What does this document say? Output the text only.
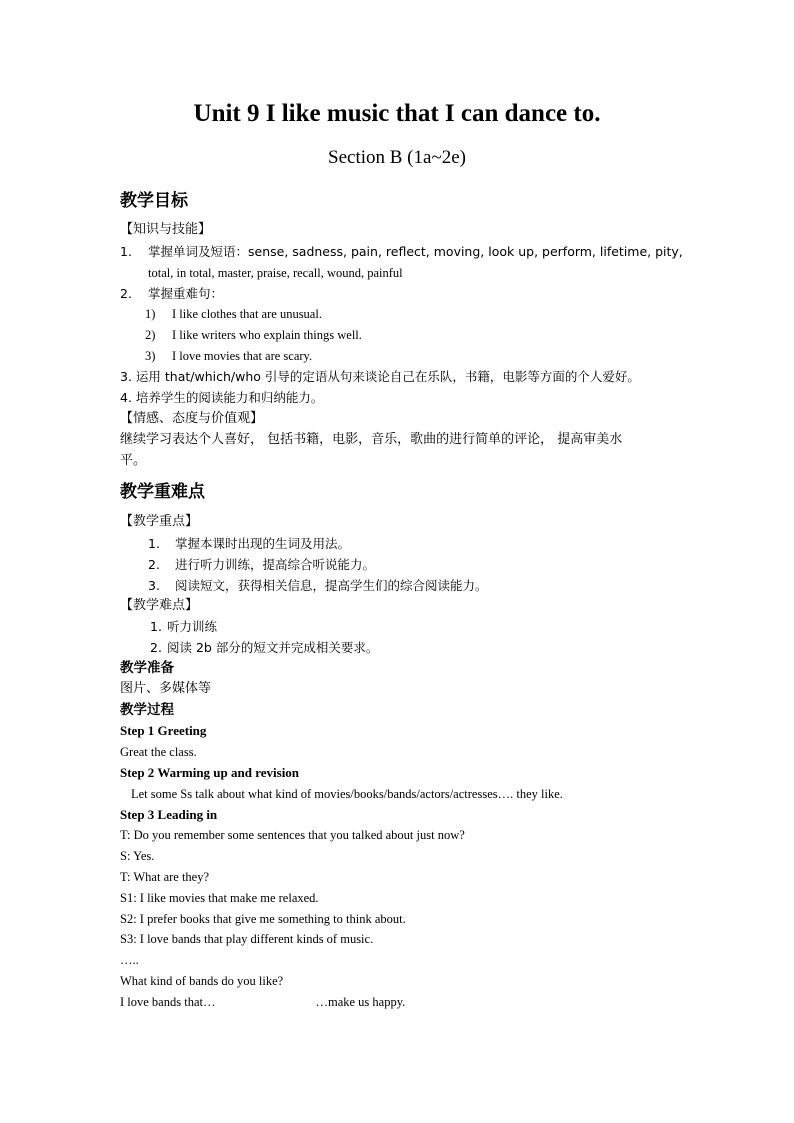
Unit 9 I like music that I can dance to.
Section B (1a~2e)
教学目标
【知识与技能】
1. 掌握单词及短语：sense, sadness, pain, reflect, moving, look up, perform, lifetime, pity,
total, in total, master, praise, recall, wound, painful
2. 掌握重难句：
1) I like clothes that are unusual.
2) I like writers who explain things well.
3) I love movies that are scary.
3. 运用 that/which/who 引导的定语从句来谈论自己在乐队，书籍，电影等方面的个人爱好。
4. 培养学生的阅读能力和归纳能力。
【情感、态度与价值观】
继续学习表达个人喜好， 包括书籍，电影，音乐，歌曲的进行简单的评论， 提高审美水
平。
教学重难点
【教学重点】
1. 掌握本课时出现的生词及用法。
2. 进行听力训练，提高综合听说能力。
3. 阅读短文，获得相关信息，提高学生们的综合阅读能力。
【教学难点】
1. 听力训练
2. 阅读 2b 部分的短文并完成相关要求。
教学准备
图片、多媒体等
教学过程
Step 1 Greeting
Great the class.
Step 2 Warming up and revision
Let some Ss talk about what kind of movies/books/bands/actors/actresses…. they like.
Step 3 Leading in
T: Do you remember some sentences that you talked about just now?
S: Yes.
T: What are they?
S1: I like movies that make me relaxed.
S2: I prefer books that give me something to think about.
S3: I love bands that play different kinds of music.
…..
What kind of bands do you like?
I love bands that…	…make us happy.
